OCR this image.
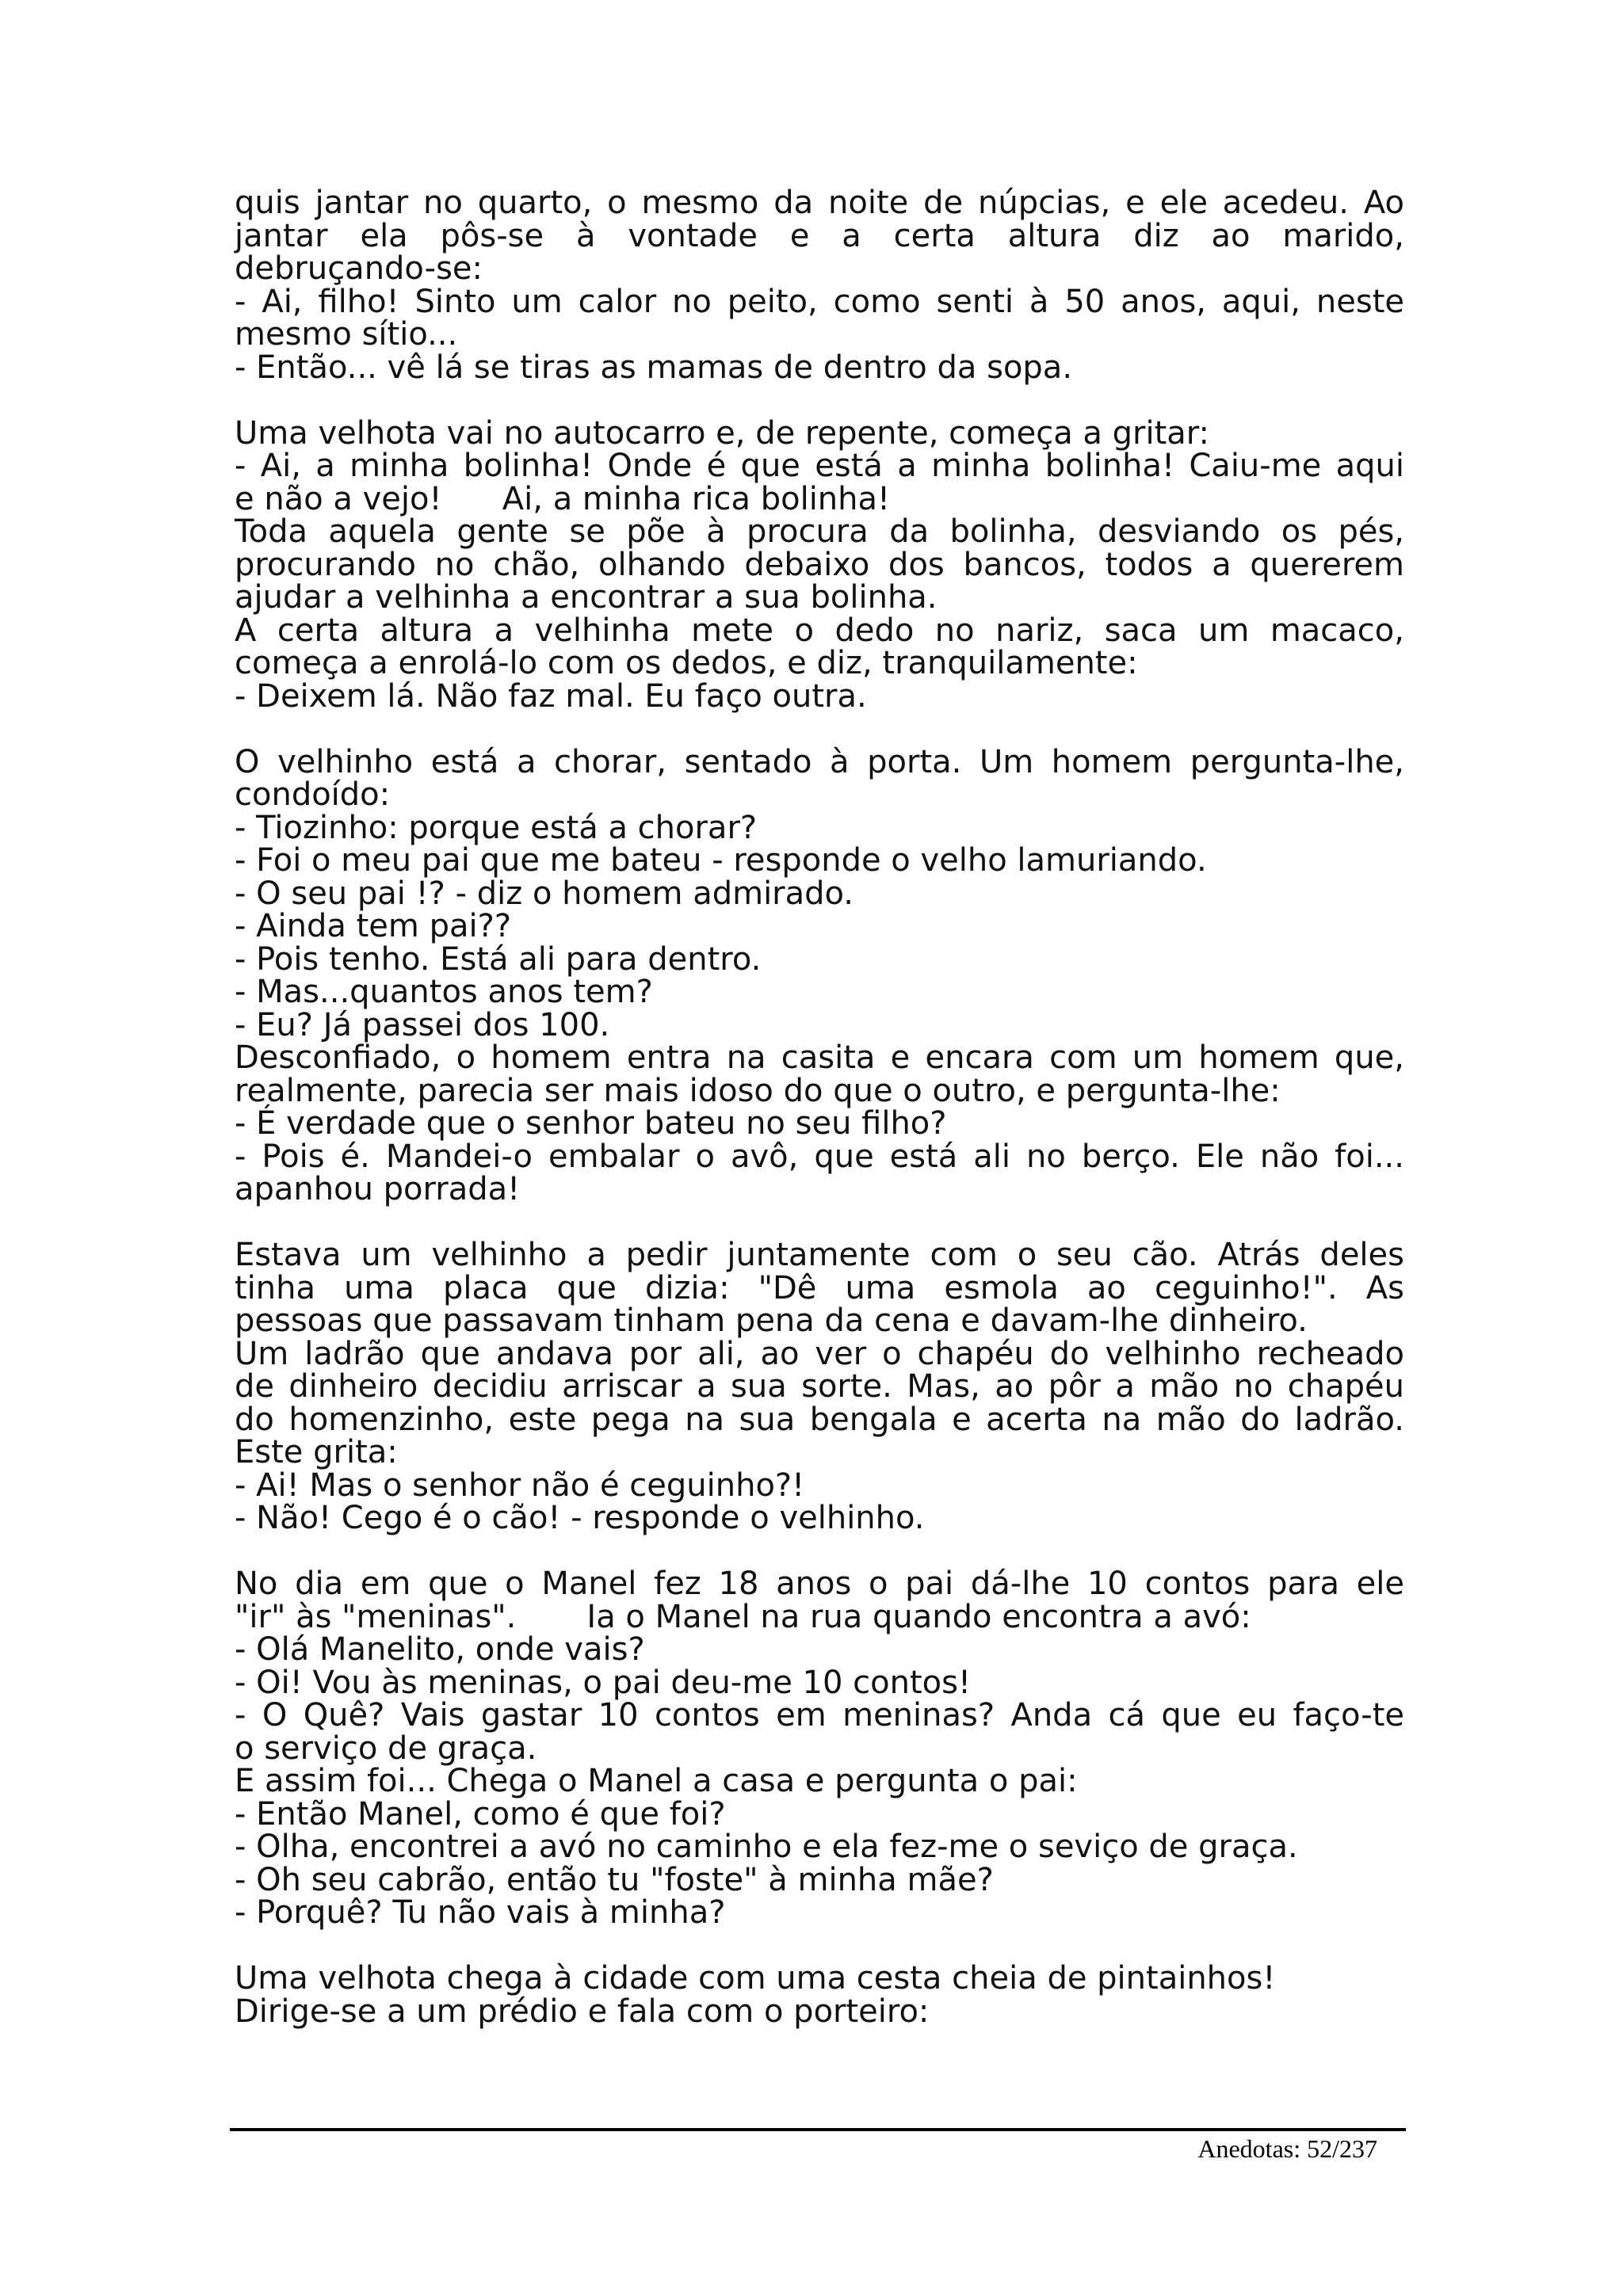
quis jantar no quarto, o mesmo da noite de núpcias, e ele acedeu. Ao
jantar ela pôs-se à vontade e a certa altura diz ao marido,
debruçando-se:
- Ai, filho! Sinto um calor no peito, como senti à 50 anos, aqui, neste
mesmo sítio...
- Então... vê lá se tiras as mamas de dentro da sopa.
Uma velhota vai no autocarro e, de repente, começa a gritar:
- Ai, a minha bolinha! Onde é que está a minha bolinha! Caiu-me aqui
e não a vejo!      Ai, a minha rica bolinha!
Toda aquela gente se põe à procura da bolinha, desviando os pés,
procurando no chão, olhando debaixo dos bancos, todos a quererem
ajudar a velhinha a encontrar a sua bolinha.
A certa altura a velhinha mete o dedo no nariz, saca um macaco,
começa a enrolá-lo com os dedos, e diz, tranquilamente:
- Deixem lá. Não faz mal. Eu faço outra.
O velhinho está a chorar, sentado à porta. Um homem pergunta-lhe,
condoído:
- Tiozinho: porque está a chorar?
- Foi o meu pai que me bateu - responde o velho lamuriando.
- O seu pai !? - diz o homem admirado.
- Ainda tem pai??
- Pois tenho. Está ali para dentro.
- Mas...quantos anos tem?
- Eu? Já passei dos 100.
Desconfiado, o homem entra na casita e encara com um homem que,
realmente, parecia ser mais idoso do que o outro, e pergunta-lhe:
- É verdade que o senhor bateu no seu filho?
- Pois é. Mandei-o embalar o avô, que está ali no berço. Ele não foi...
apanhou porrada!
Estava um velhinho a pedir juntamente com o seu cão. Atrás deles
tinha uma placa que dizia: "Dê uma esmola ao ceguinho!". As
pessoas que passavam tinham pena da cena e davam-lhe dinheiro.
Um ladrão que andava por ali, ao ver o chapéu do velhinho recheado
de dinheiro decidiu arriscar a sua sorte. Mas, ao pôr a mão no chapéu
do homenzinho, este pega na sua bengala e acerta na mão do ladrão.
Este grita:
- Ai! Mas o senhor não é ceguinho?!
- Não! Cego é o cão! - responde o velhinho.
No dia em que o Manel fez 18 anos o pai dá-lhe 10 contos para ele
"ir" às "meninas".       Ia o Manel na rua quando encontra a avó:
- Olá Manelito, onde vais?
- Oi! Vou às meninas, o pai deu-me 10 contos!
- O Quê? Vais gastar 10 contos em meninas? Anda cá que eu faço-te
o serviço de graça.
E assim foi... Chega o Manel a casa e pergunta o pai:
- Então Manel, como é que foi?
- Olha, encontrei a avó no caminho e ela fez-me o seviço de graça.
- Oh seu cabrão, então tu "foste" à minha mãe?
- Porquê? Tu não vais à minha?
Uma velhota chega à cidade com uma cesta cheia de pintainhos!
Dirige-se a um prédio e fala com o porteiro:
Anedotas: 52/237
